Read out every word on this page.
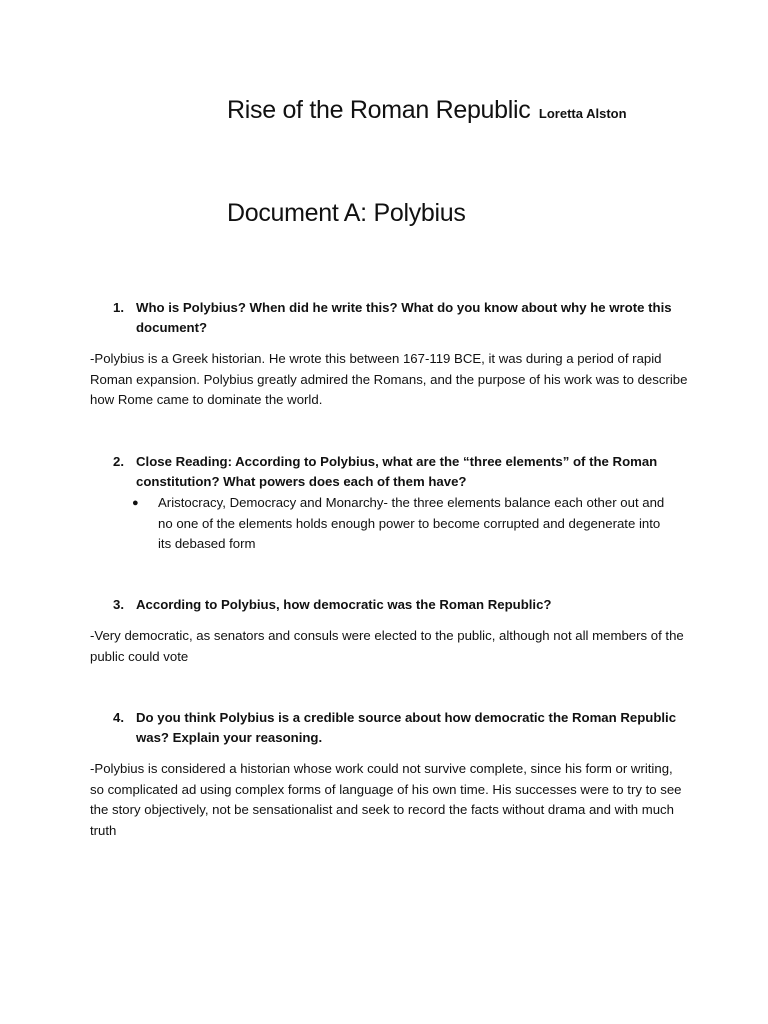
Rise of the Roman Republic Loretta Alston
Document A: Polybius
1. Who is Polybius? When did he write this? What do you know about why he wrote this document?
-Polybius is a Greek historian. He wrote this between 167-119 BCE, it was during a period of rapid Roman expansion. Polybius greatly admired the Romans, and the purpose of his work was to describe how Rome came to dominate the world.
2. Close Reading: According to Polybius, what are the “three elements” of the Roman constitution? What powers does each of them have?
● Aristocracy, Democracy and Monarchy- the three elements balance each other out and no one of the elements holds enough power to become corrupted and degenerate into its debased form
3. According to Polybius, how democratic was the Roman Republic?
-Very democratic, as senators and consuls were elected to the public, although not all members of the public could vote
4. Do you think Polybius is a credible source about how democratic the Roman Republic was? Explain your reasoning.
-Polybius is considered a historian whose work could not survive complete, since his form or writing, so complicated ad using complex forms of language of his own time. His successes were to try to see the story objectively, not be sensationalist and seek to record the facts without drama and with much truth
